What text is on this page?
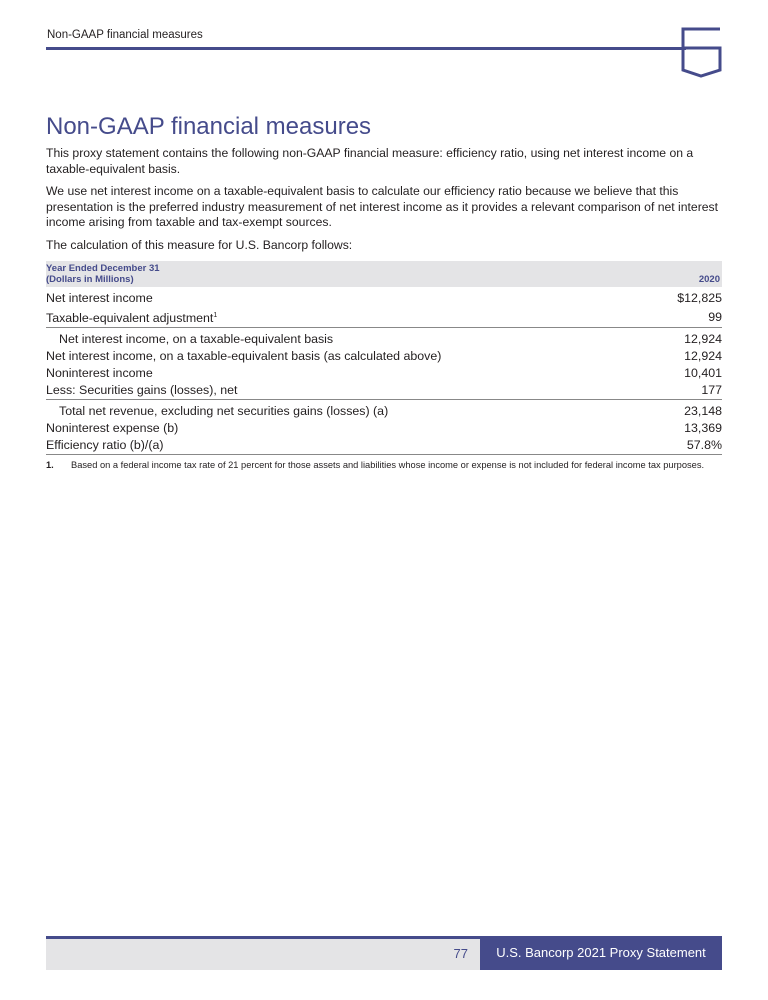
Non-GAAP financial measures
Non-GAAP financial measures

This proxy statement contains the following non-GAAP financial measure: efficiency ratio, using net interest income on a taxable-equivalent basis.

We use net interest income on a taxable-equivalent basis to calculate our efficiency ratio because we believe that this presentation is the preferred industry measurement of net interest income as it provides a relevant comparison of net interest income arising from taxable and tax-exempt sources.

The calculation of this measure for U.S. Bancorp follows:

Year Ended December 31
(Dollars in Millions)	2020
Net interest income	$12,825
Taxable-equivalent adjustment$^1$	99
Net interest income, on a taxable-equivalent basis	12,924
Net interest income, on a taxable-equivalent basis (as calculated above)	12,924
Noninterest income	10,401
Less: Securities gains (losses), net	177
Total net revenue, excluding net securities gains (losses) (a)	23,148
Noninterest expense (b)	13,369
Efficiency ratio (b)/(a)	57.8%
1.	Based on a federal income tax rate of 21 percent for those assets and liabilities whose income or expense is not included for federal income tax purposes.
77	U.S. Bancorp 2021 Proxy Statement
